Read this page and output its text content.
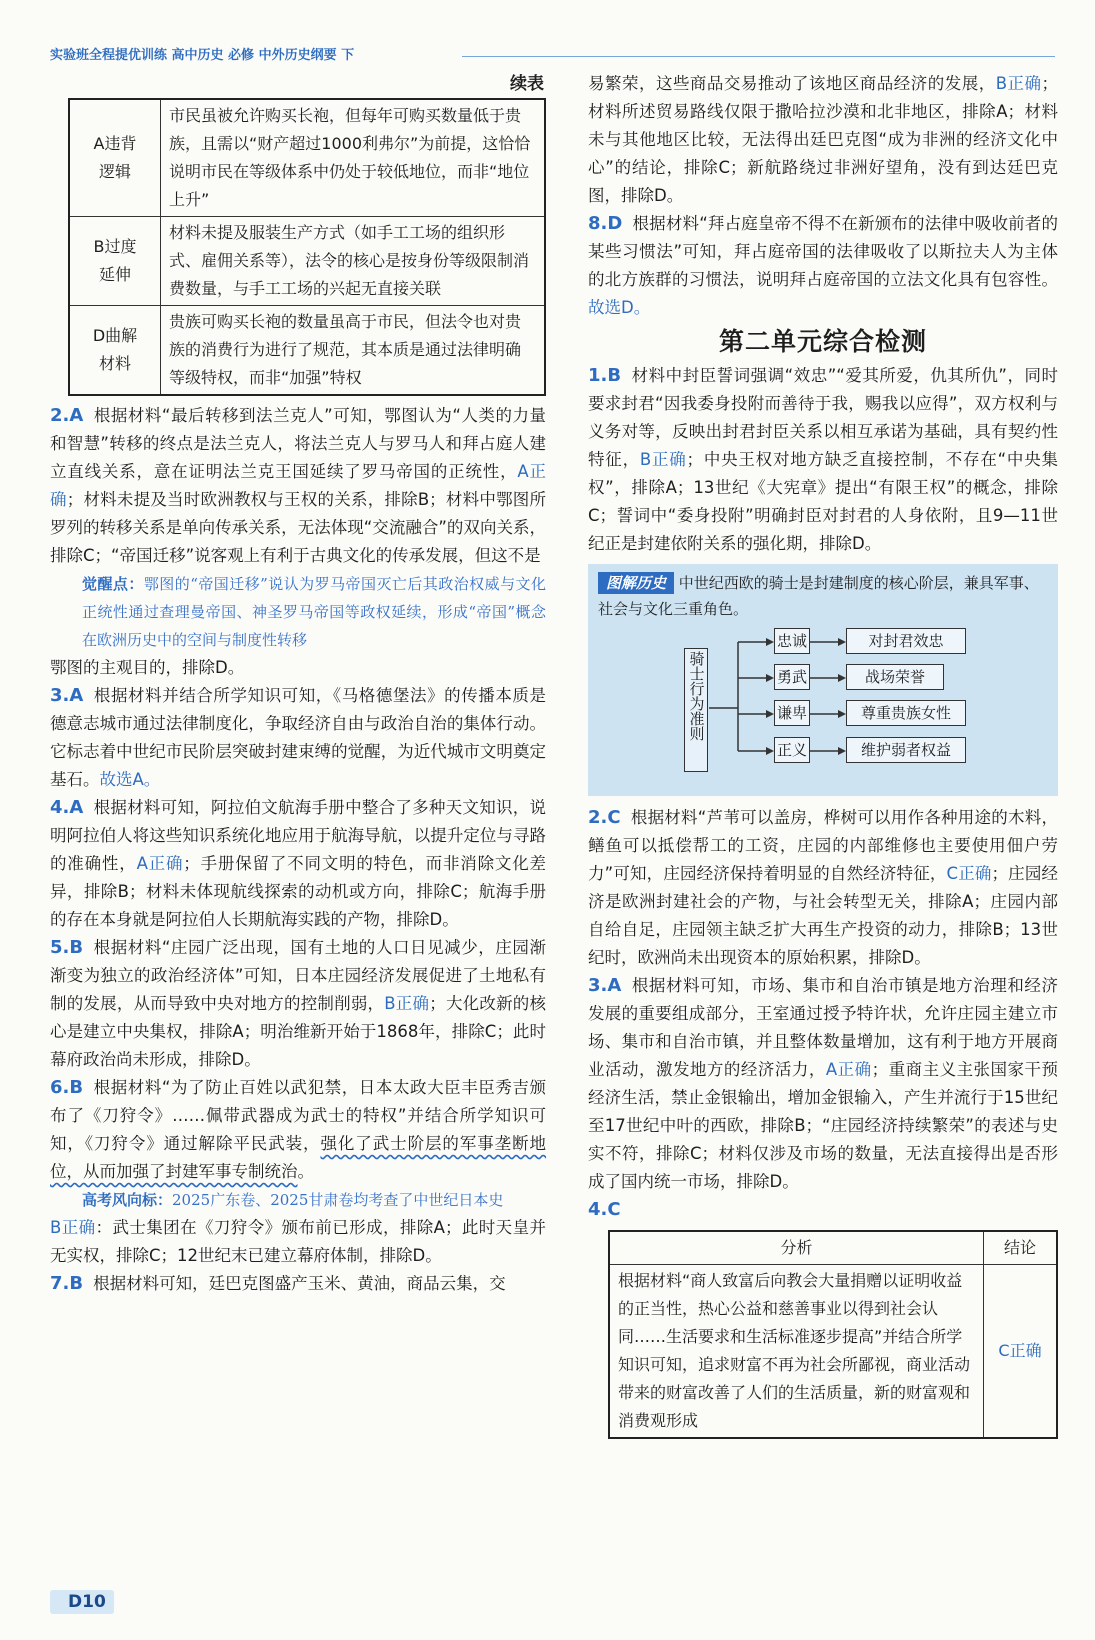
实验班全程提优训练 高中历史 必修 中外历史纲要 下
续表
A违背
逻辑	市民虽被允许购买长袍，但每年可购买数量低于贵族，且需以“财产超过1000利弗尔”为前提，这恰恰说明市民在等级体系中仍处于较低地位，而非“地位上升”
B过度
延伸	材料未提及服装生产方式（如手工工场的组织形式、雇佣关系等），法令的核心是按身份等级限制消费数量，与手工工场的兴起无直接关联
D曲解
材料	贵族可购买长袍的数量虽高于市民，但法令也对贵族的消费行为进行了规范，其本质是通过法律明确等级特权，而非“加强”特权

2.A 根据材料“最后转移到法兰克人”可知，鄂图认为“人类的力量和智慧”转移的终点是法兰克人，将法兰克人与罗马人和拜占庭人建立直线关系，意在证明法兰克王国延续了罗马帝国的正统性，A正确；材料未提及当时欧洲教权与王权的关系，排除B；材料中鄂图所罗列的转移关系是单向传承关系，无法体现“交流融合”的双向关系，排除C；“帝国迁移”说客观上有利于古典文化的传承发展，但这不是

觉醒点：鄂图的“帝国迁移”说认为罗马帝国灭亡后其政治权威与文化正统性通过查理曼帝国、神圣罗马帝国等政权延续，形成“帝国”概念在欧洲历史中的空间与制度性转移

鄂图的主观目的，排除D。

3.A 根据材料并结合所学知识可知，《马格德堡法》的传播本质是德意志城市通过法律制度化，争取经济自由与政治自治的集体行动。它标志着中世纪市民阶层突破封建束缚的觉醒，为近代城市文明奠定基石。故选A。

4.A 根据材料可知，阿拉伯文航海手册中整合了多种天文知识，说明阿拉伯人将这些知识系统化地应用于航海导航，以提升定位与寻路的准确性，A正确；手册保留了不同文明的特色，而非消除文化差异，排除B；材料未体现航线探索的动机或方向，排除C；航海手册的存在本身就是阿拉伯人长期航海实践的产物，排除D。

5.B 根据材料“庄园广泛出现，国有土地的人口日见减少，庄园渐渐变为独立的政治经济体”可知，日本庄园经济发展促进了土地私有制的发展，从而导致中央对地方的控制削弱，B正确；大化改新的核心是建立中央集权，排除A；明治维新开始于1868年，排除C；此时幕府政治尚未形成，排除D。

6.B 根据材料“为了防止百姓以武犯禁，日本太政大臣丰臣秀吉颁布了《刀狩令》……佩带武器成为武士的特权”并结合所学知识可知，《刀狩令》通过解除平民武装，强化了武士阶层的军事垄断地位，从而加强了封建军事专制统治。

高考风向标：2025广东卷、2025甘肃卷均考查了中世纪日本史

B正确：武士集团在《刀狩令》颁布前已形成，排除A；此时天皇并无实权，排除C；12世纪末已建立幕府体制，排除D。

7.B 根据材料可知，廷巴克图盛产玉米、黄油，商品云集，交

易繁荣，这些商品交易推动了该地区商品经济的发展，B正确；材料所述贸易路线仅限于撒哈拉沙漠和北非地区，排除A；材料未与其他地区比较，无法得出廷巴克图“成为非洲的经济文化中心”的结论，排除C；新航路绕过非洲好望角，没有到达廷巴克图，排除D。

8.D 根据材料“拜占庭皇帝不得不在新颁布的法律中吸收前者的某些习惯法”可知，拜占庭帝国的法律吸收了以斯拉夫人为主体的北方族群的习惯法，说明拜占庭帝国的立法文化具有包容性。故选D。

第二单元综合检测

1.B 材料中封臣誓词强调“效忠”“爱其所爱，仇其所仇”，同时要求封君“因我委身投附而善待于我，赐我以应得”，双方权利与义务对等，反映出封君封臣关系以相互承诺为基础，具有契约性特征，B正确；中央王权对地方缺乏直接控制，不存在“中央集权”，排除A；13世纪《大宪章》提出“有限王权”的概念，排除C；誓词中“委身投附”明确封臣对封君的人身依附，且9—11世纪正是封建依附关系的强化期，排除D。

图解历史 中世纪西欧的骑士是封建制度的核心阶层，兼具军事、社会与文化三重角色。
骑士行为准则
忠诚
勇武
谦卑
正义
对封君效忠
战场荣誉
尊重贵族女性
维护弱者权益

2.C 根据材料“芦苇可以盖房，桦树可以用作各种用途的木料，鳝鱼可以抵偿帮工的工资，庄园的内部维修也主要使用佃户劳力”可知，庄园经济保持着明显的自然经济特征，C正确；庄园经济是欧洲封建社会的产物，与社会转型无关，排除A；庄园内部自给自足，庄园领主缺乏扩大再生产投资的动力，排除B；13世纪时，欧洲尚未出现资本的原始积累，排除D。

3.A 根据材料可知，市场、集市和自治市镇是地方治理和经济发展的重要组成部分，王室通过授予特许状，允许庄园主建立市场、集市和自治市镇，并且整体数量增加，这有利于地方开展商业活动，激发地方的经济活力，A正确；重商主义主张国家干预经济生活，禁止金银输出，增加金银输入，产生并流行于15世纪至17世纪中叶的西欧，排除B；“庄园经济持续繁荣”的表述与史实不符，排除C；材料仅涉及市场的数量，无法直接得出是否形成了国内统一市场，排除D。

4.C

分析	结论
根据材料“商人致富后向教会大量捐赠以证明收益的正当性，热心公益和慈善事业以得到社会认同……生活要求和生活标准逐步提高”并结合所学知识可知，追求财富不再为社会所鄙视，商业活动带来的财富改善了人们的生活质量，新的财富观和消费观形成	C正确
D10
